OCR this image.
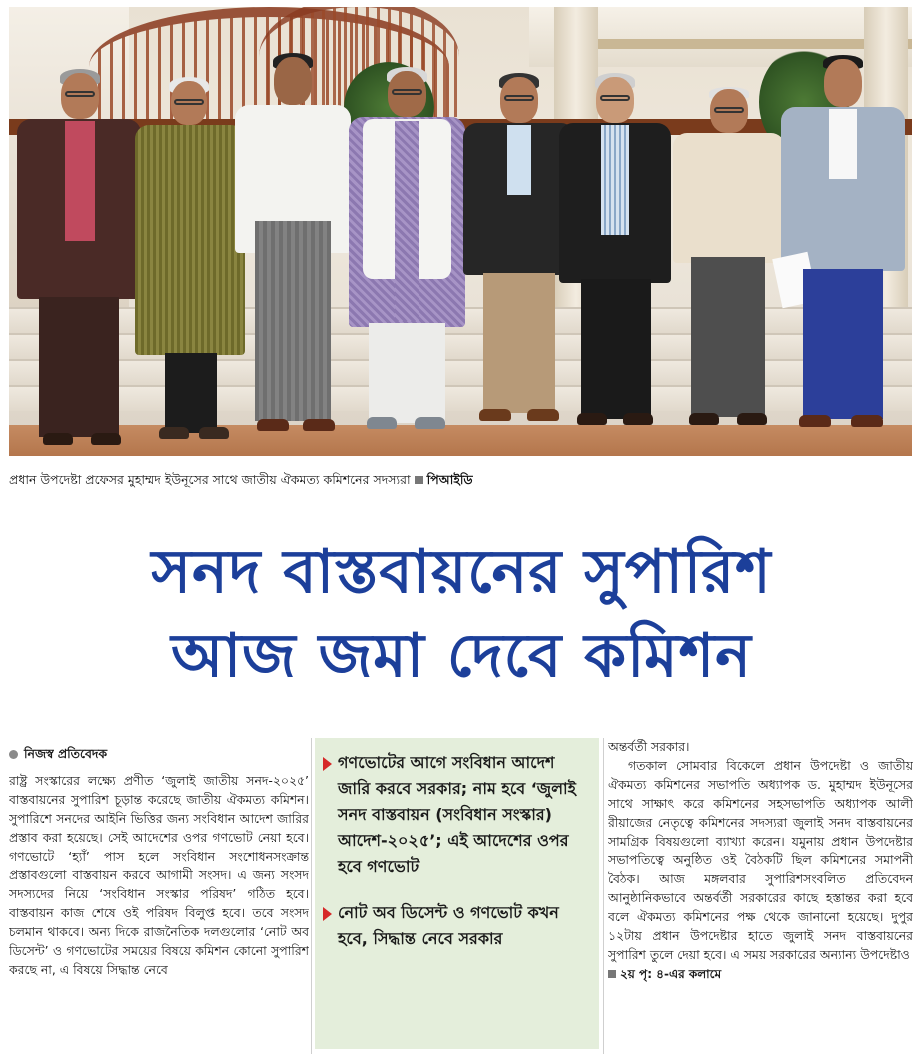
প্রধান উপদেষ্টা প্রফেসর মুহাম্মদ ইউনূসের সাথে জাতীয় ঐকমত্য কমিশনের সদস্যরা পিআইডি
সনদ বাস্তবায়নের সুপারিশ
আজ জমা দেবে কমিশন
নিজস্ব প্রতিবেদক

রাষ্ট্র সংস্কারের লক্ষ্যে প্রণীত ‘জুলাই জাতীয় সনদ-২০২৫’ বাস্তবায়নের সুপারিশ চূড়ান্ত করেছে জাতীয় ঐকমত্য কমিশন। সুপারিশে সনদের আইনি ভিত্তির জন্য সংবিধান আদেশ জারির প্রস্তাব করা হয়েছে। সেই আদেশের ওপর গণভোট নেয়া হবে। গণভোটে ‘হ্যাঁ’ পাস হলে সংবিধান সংশোধনসংক্রান্ত প্রস্তাবগুলো বাস্তবায়ন করবে আগামী সংসদ। এ জন্য সংসদ সদস্যদের নিয়ে ‘সংবিধান সংস্কার পরিষদ’ গঠিত হবে। বাস্তবায়ন কাজ শেষে ওই পরিষদ বিলুপ্ত হবে। তবে সংসদ চলমান থাকবে। অন্য দিকে রাজনৈতিক দলগুলোর ‘নোট অব ডিসেন্ট’ ও গণভোটের সময়ের বিষয়ে কমিশন কোনো সুপারিশ করছে না, এ বিষয়ে সিদ্ধান্ত নেবে

গণভোটের আগে সংবিধান আদেশ জারি করবে সরকার; নাম হবে ‘জুলাই সনদ বাস্তবায়ন (সংবিধান সংস্কার) আদেশ-২০২৫’; এই আদেশের ওপর হবে গণভোট
নোট অব ডিসেন্ট ও গণভোট কখন হবে, সিদ্ধান্ত নেবে সরকার

অন্তর্বর্তী সরকার।

গতকাল সোমবার বিকেলে প্রধান উপদেষ্টা ও জাতীয় ঐকমত্য কমিশনের সভাপতি অধ্যাপক ড. মুহাম্মদ ইউনূসের সাথে সাক্ষাৎ করে কমিশনের সহসভাপতি অধ্যাপক আলী রীয়াজের নেতৃত্বে কমিশনের সদস্যরা জুলাই সনদ বাস্তবায়নের সামগ্রিক বিষয়গুলো ব্যাখ্যা করেন। যমুনায় প্রধান উপদেষ্টার সভাপতিত্বে অনুষ্ঠিত ওই বৈঠকটি ছিল কমিশনের সমাপনী বৈঠক। আজ মঙ্গলবার সুপারিশসংবলিত প্রতিবেদন আনুষ্ঠানিকভাবে অন্তর্বর্তী সরকারের কাছে হস্তান্তর করা হবে বলে ঐকমত্য কমিশনের পক্ষ থেকে জানানো হয়েছে। দুপুর ১২টায় প্রধান উপদেষ্টার হাতে জুলাই সনদ বাস্তবায়নের সুপারিশ তুলে দেয়া হবে। এ সময় সরকারের অন্যান্য উপদেষ্টাও

২য় পৃ: ৪-এর কলামে
